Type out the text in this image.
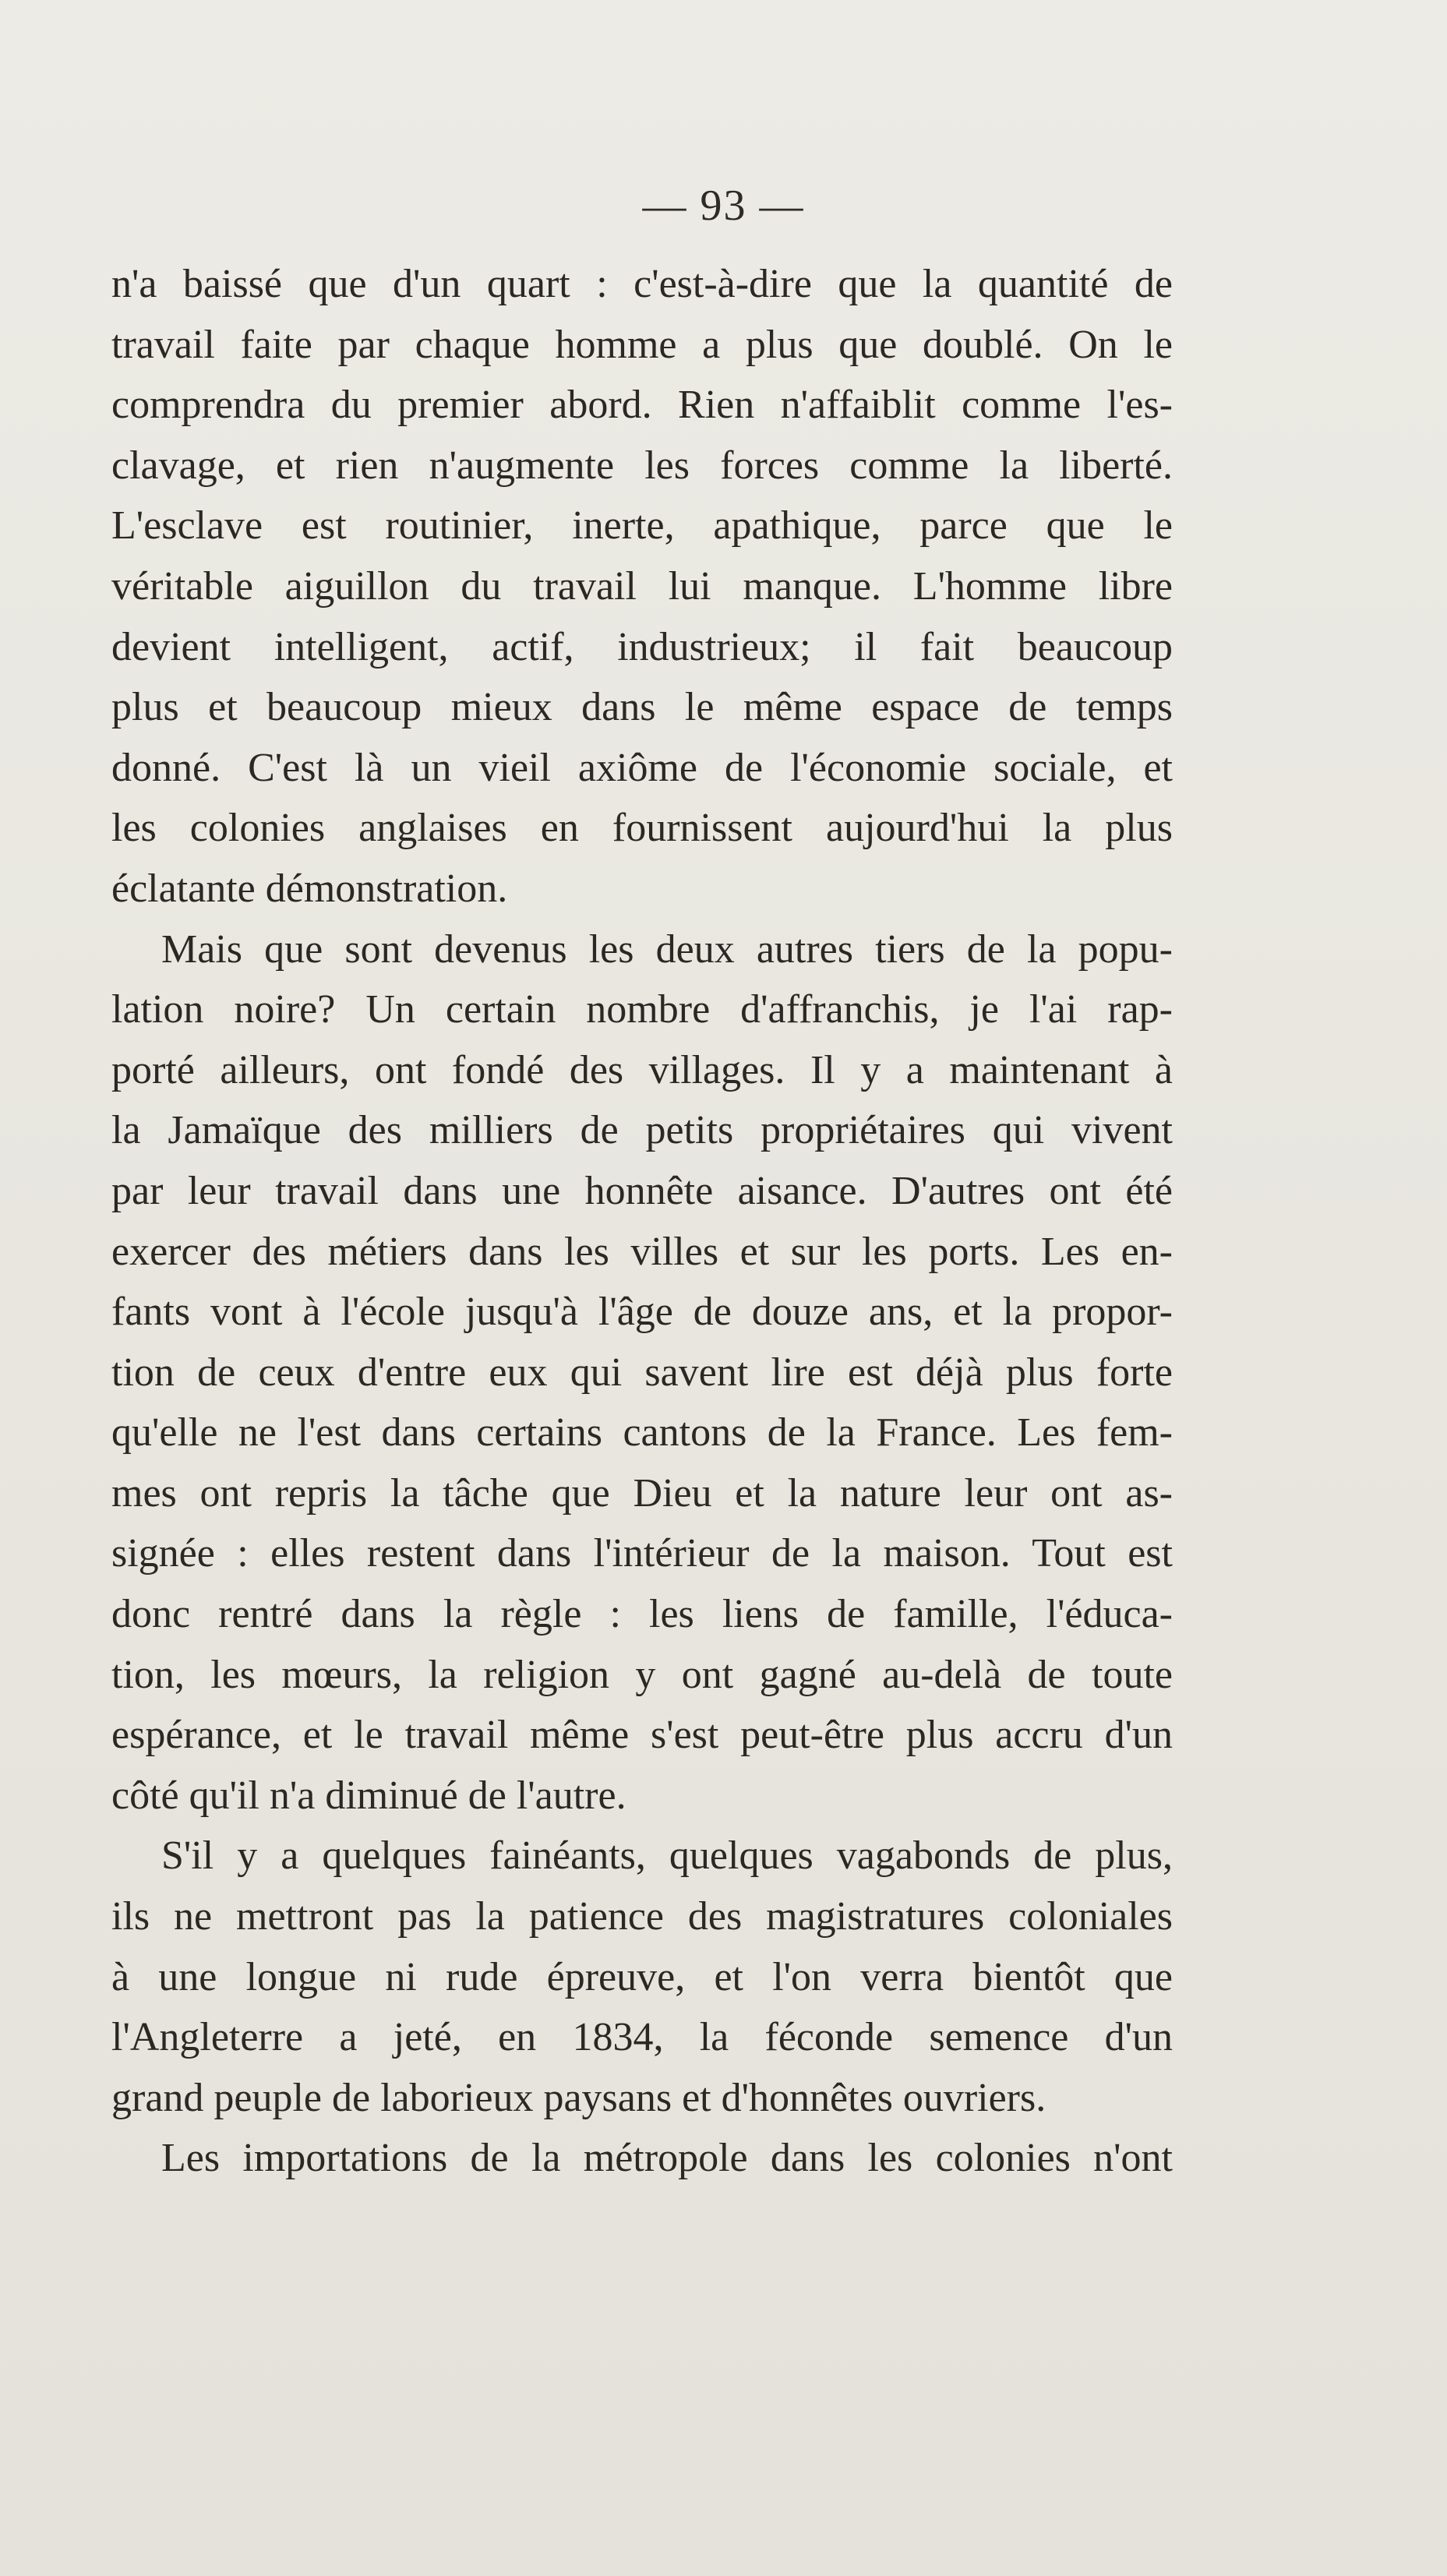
— 93 —
n'a baissé que d'un quart : c'est-à-dire que la quantité de
travail faite par chaque homme a plus que doublé. On le
comprendra du premier abord. Rien n'affaiblit comme l'es-
clavage, et rien n'augmente les forces comme la liberté.
L'esclave est routinier, inerte, apathique, parce que le
véritable aiguillon du travail lui manque. L'homme libre
devient intelligent, actif, industrieux; il fait beaucoup
plus et beaucoup mieux dans le même espace de temps
donné. C'est là un vieil axiôme de l'économie sociale, et
les colonies anglaises en fournissent aujourd'hui la plus
éclatante démonstration.
Mais que sont devenus les deux autres tiers de la popu-
lation noire? Un certain nombre d'affranchis, je l'ai rap-
porté ailleurs, ont fondé des villages. Il y a maintenant à
la Jamaïque des milliers de petits propriétaires qui vivent
par leur travail dans une honnête aisance. D'autres ont été
exercer des métiers dans les villes et sur les ports. Les en-
fants vont à l'école jusqu'à l'âge de douze ans, et la propor-
tion de ceux d'entre eux qui savent lire est déjà plus forte
qu'elle ne l'est dans certains cantons de la France. Les fem-
mes ont repris la tâche que Dieu et la nature leur ont as-
signée : elles restent dans l'intérieur de la maison. Tout est
donc rentré dans la règle : les liens de famille, l'éduca-
tion, les mœurs, la religion y ont gagné au-delà de toute
espérance, et le travail même s'est peut-être plus accru d'un
côté qu'il n'a diminué de l'autre.
S'il y a quelques fainéants, quelques vagabonds de plus,
ils ne mettront pas la patience des magistratures coloniales
à une longue ni rude épreuve, et l'on verra bientôt que
l'Angleterre a jeté, en 1834, la féconde semence d'un
grand peuple de laborieux paysans et d'honnêtes ouvriers.
Les importations de la métropole dans les colonies n'ont
